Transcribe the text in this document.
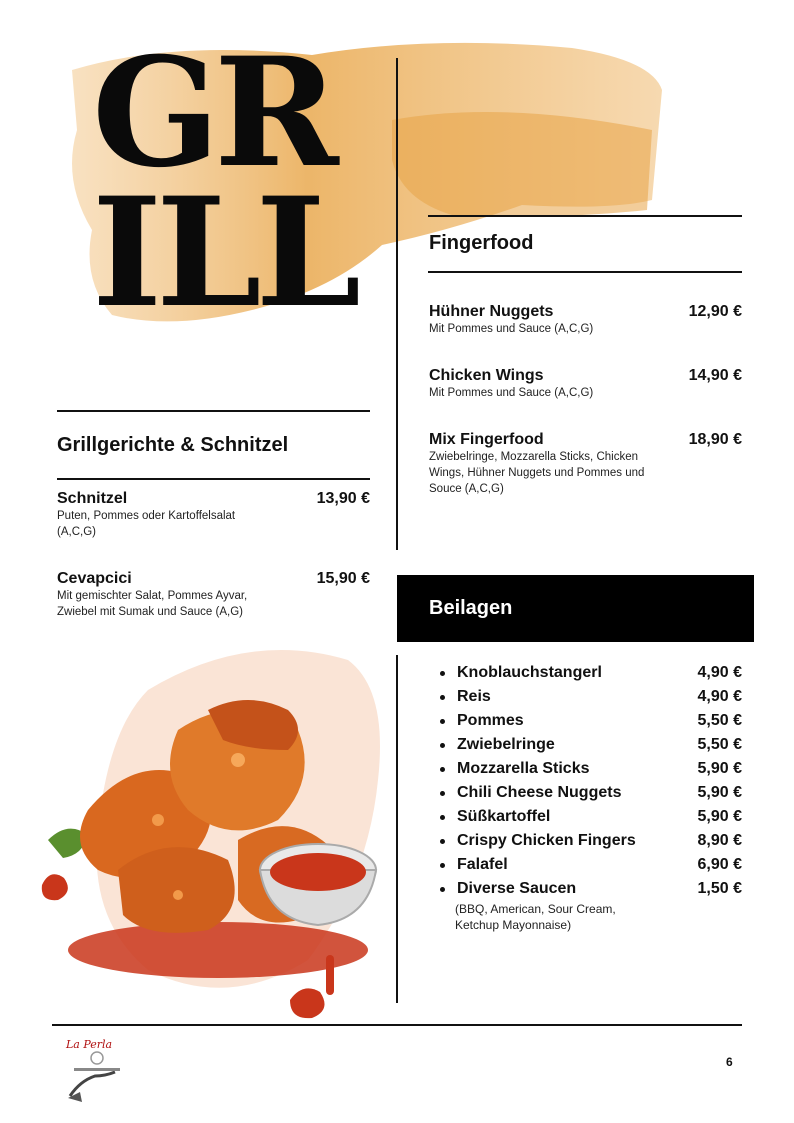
GR
ILL	Fingerfood
Hühner Nuggets	12,90 €
Mit Pommes und Sauce (A,C,G)
Chicken Wings	14,90 €
Mit Pommes und Sauce (A,C,G)
Mix Fingerfood	18,90 €
Zwiebelringe, Mozzarella Sticks, Chicken Wings, Hühner Nuggets und Pommes und Souce (A,C,G)
Grillgerichte & Schnitzel
Schnitzel	13,90 €
Puten, Pommes oder Kartoffelsalat (A,C,G)
Cevapcici	15,90 €
Mit gemischter Salat, Pommes Ayvar, Zwiebel mit Sumak und Sauce (A,G)	Beilagen
Knoblauchstangerl	4,90 €
Reis	4,90 €
Pommes	5,50 €
Zwiebelringe	5,50 €
Mozzarella Sticks	5,90 €
Chili Cheese Nuggets	5,90 €
Süßkartoffel	5,90 €
Crispy Chicken Fingers	8,90 €
Falafel	6,90 €
Diverse Saucen	1,50 €
(BBQ, American, Sour Cream, Ketchup Mayonnaise)
La Perla
6
